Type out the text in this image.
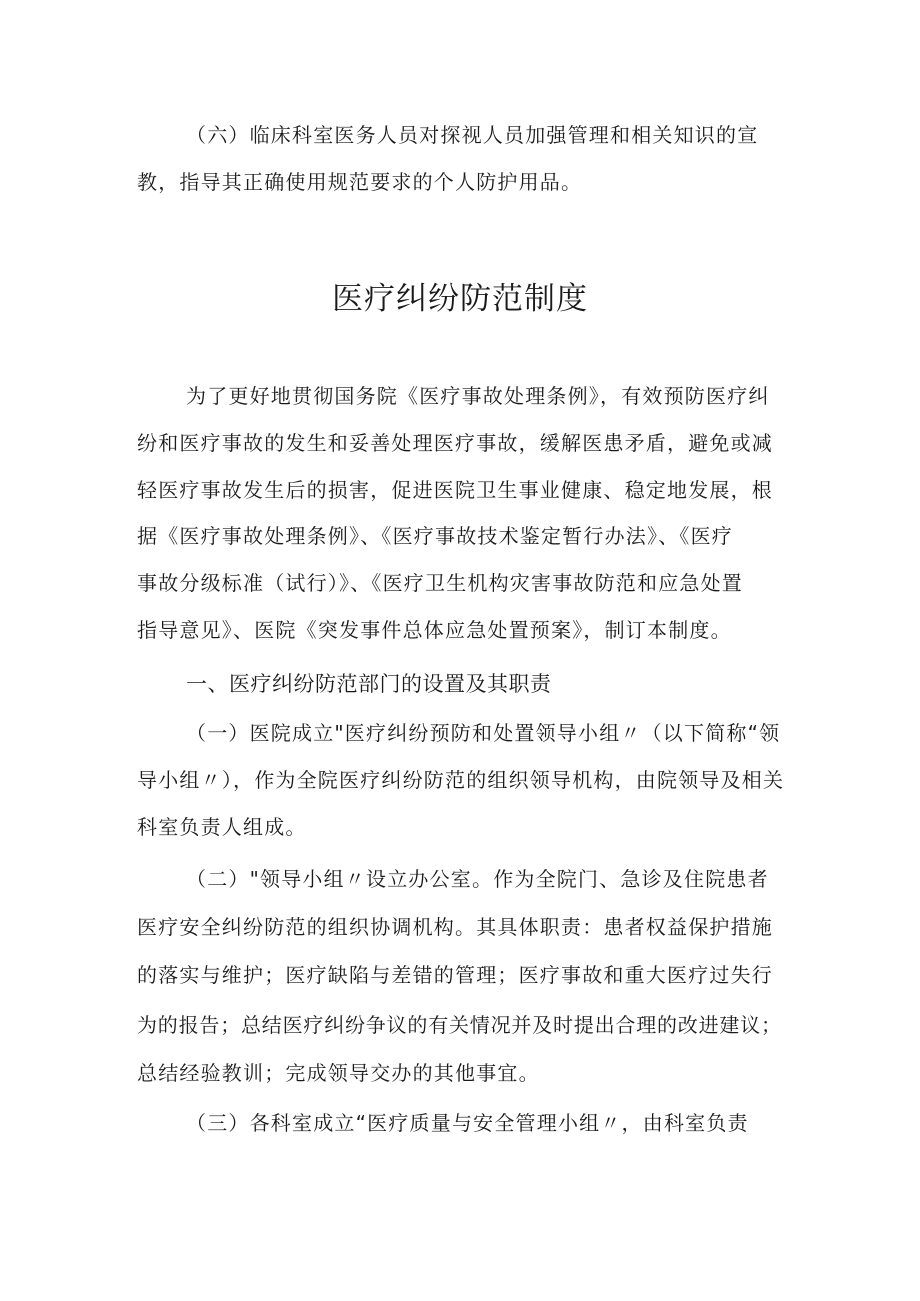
（六）临床科室医务人员对探视人员加强管理和相关知识的宣

教，指导其正确使用规范要求的个人防护用品。

医疗纠纷防范制度

为了更好地贯彻国务院《医疗事故处理条例》，有效预防医疗纠

纷和医疗事故的发生和妥善处理医疗事故，缓解医患矛盾，避免或减

轻医疗事故发生后的损害，促进医院卫生事业健康、稳定地发展，根

据《医疗事故处理条例》、《医疗事故技术鉴定暂行办法》、《医疗

事故分级标准（试行）》、《医疗卫生机构灾害事故防范和应急处置

指导意见》、医院《突发事件总体应急处置预案》，制订本制度。

一、医疗纠纷防范部门的设置及其职责

（一）医院成立"医疗纠纷预防和处置领导小组〃（以下简称“领

导小组〃），作为全院医疗纠纷防范的组织领导机构，由院领导及相关

科室负责人组成。

（二）"领导小组〃设立办公室。作为全院门、急诊及住院患者

医疗安全纠纷防范的组织协调机构。其具体职责：患者权益保护措施

的落实与维护；医疗缺陷与差错的管理；医疗事故和重大医疗过失行

为的报告；总结医疗纠纷争议的有关情况并及时提出合理的改进建议；

总结经验教训；完成领导交办的其他事宜。

（三）各科室成立“医疗质量与安全管理小组〃，由科室负责
